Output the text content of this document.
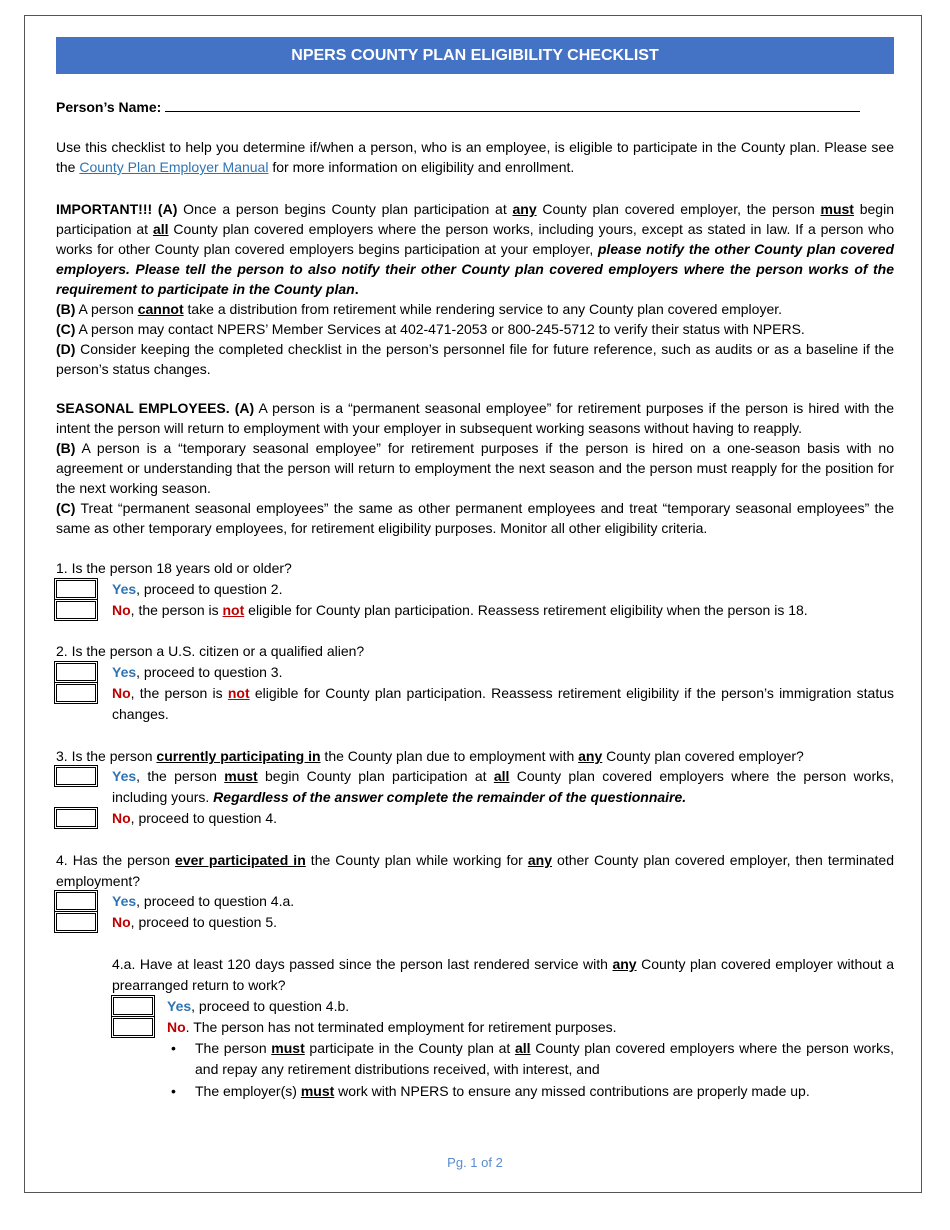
NPERS COUNTY PLAN ELIGIBILITY CHECKLIST
Person’s Name:
Use this checklist to help you determine if/when a person, who is an employee, is eligible to participate in the County plan. Please see the County Plan Employer Manual for more information on eligibility and enrollment.
IMPORTANT!!! (A) Once a person begins County plan participation at any County plan covered employer, the person must begin participation at all County plan covered employers where the person works, including yours, except as stated in law. If a person who works for other County plan covered employers begins participation at your employer, please notify the other County plan covered employers. Please tell the person to also notify their other County plan covered employers where the person works of the requirement to participate in the County plan.
(B) A person cannot take a distribution from retirement while rendering service to any County plan covered employer.
(C) A person may contact NPERS’ Member Services at 402-471-2053 or 800-245-5712 to verify their status with NPERS.
(D) Consider keeping the completed checklist in the person’s personnel file for future reference, such as audits or as a baseline if the person’s status changes.
SEASONAL EMPLOYEES. (A) A person is a “permanent seasonal employee” for retirement purposes if the person is hired with the intent the person will return to employment with your employer in subsequent working seasons without having to reapply.
(B) A person is a “temporary seasonal employee” for retirement purposes if the person is hired on a one-season basis with no agreement or understanding that the person will return to employment the next season and the person must reapply for the position for the next working season.
(C) Treat “permanent seasonal employees” the same as other permanent employees and treat “temporary seasonal employees” the same as other temporary employees, for retirement eligibility purposes. Monitor all other eligibility criteria.
1. Is the person 18 years old or older?
Yes, proceed to question 2.
No, the person is not eligible for County plan participation. Reassess retirement eligibility when the person is 18.
2. Is the person a U.S. citizen or a qualified alien?
Yes, proceed to question 3.
No, the person is not eligible for County plan participation. Reassess retirement eligibility if the person’s immigration status changes.
3. Is the person currently participating in the County plan due to employment with any County plan covered employer?
Yes, the person must begin County plan participation at all County plan covered employers where the person works, including yours. Regardless of the answer complete the remainder of the questionnaire.
No, proceed to question 4.
4. Has the person ever participated in the County plan while working for any other County plan covered employer, then terminated employment?
Yes, proceed to question 4.a.
No, proceed to question 5.
4.a. Have at least 120 days passed since the person last rendered service with any County plan covered employer without a prearranged return to work?
Yes, proceed to question 4.b.
No. The person has not terminated employment for retirement purposes.
• The person must participate in the County plan at all County plan covered employers where the person works, and repay any retirement distributions received, with interest, and
• The employer(s) must work with NPERS to ensure any missed contributions are properly made up.
Pg. 1 of 2
